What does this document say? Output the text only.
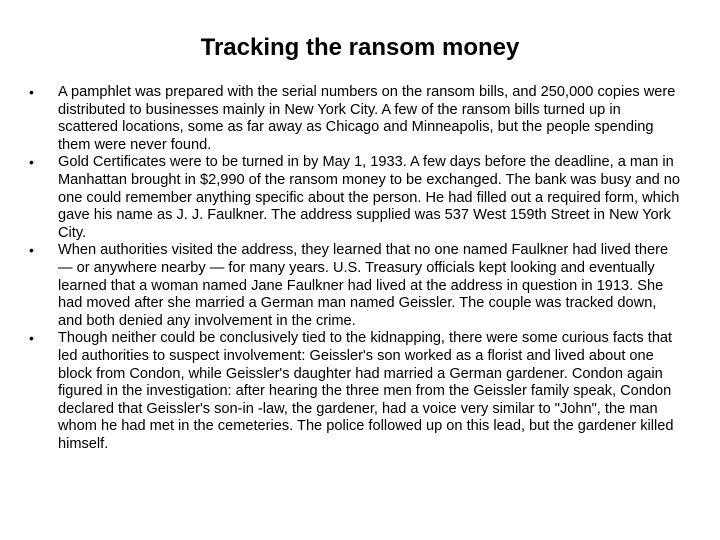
Tracking the ransom money
• A pamphlet was prepared with the serial numbers on the ransom bills, and 250,000 copies were distributed to businesses mainly in New York City. A few of the ransom bills turned up in scattered locations, some as far away as Chicago and Minneapolis, but the people spending them were never found.
• Gold Certificates were to be turned in by May 1, 1933. A few days before the deadline, a man in Manhattan brought in $2,990 of the ransom money to be exchanged. The bank was busy and no one could remember anything specific about the person. He had filled out a required form, which gave his name as J. J. Faulkner. The address supplied was 537 West 159th Street in New York City.
• When authorities visited the address, they learned that no one named Faulkner had lived there — or anywhere nearby — for many years. U.S. Treasury officials kept looking and eventually learned that a woman named Jane Faulkner had lived at the address in question in 1913. She had moved after she married a German man named Geissler. The couple was tracked down, and both denied any involvement in the crime.
• Though neither could be conclusively tied to the kidnapping, there were some curious facts that led authorities to suspect involvement: Geissler's son worked as a florist and lived about one block from Condon, while Geissler's daughter had married a German gardener. Condon again figured in the investigation: after hearing the three men from the Geissler family speak, Condon declared that Geissler's son-in -law, the gardener, had a voice very similar to "John", the man whom he had met in the cemeteries. The police followed up on this lead, but the gardener killed himself.
